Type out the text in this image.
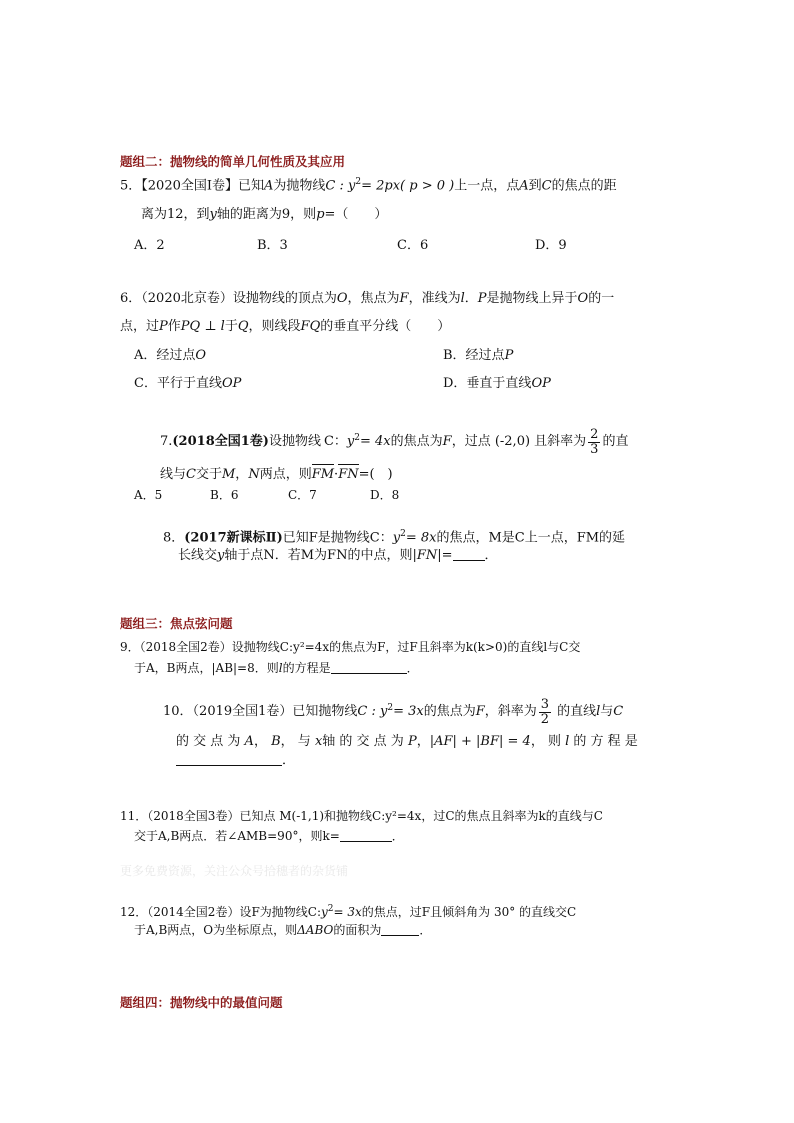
题组二：抛物线的简单几何性质及其应用
5．【2020全国Ⅰ卷】已知A为抛物线C : $y^2= 2px$( p > 0 )上一点，点A到C的焦点的距
离为12，到y轴的距离为9，则p=（　　）
A．2	B．3	C．6	D．9
6．（2020北京卷）设抛物线的顶点为O，焦点为F，准线为l．P是抛物线上异于O的一
点，过P作PQ ⊥ l于Q，则线段FQ的垂直平分线（　　）
A．经过点O	B．经过点P
C．平行于直线OP	D．垂直于直线OP
7. (2018全国1卷) 设抛物线 C： $y^2 = 4x$ 的焦点为 F ，过点 (-2,0) 且斜率为 $\frac{2}{3}$ 的直
线与C交于M，N两点，则FM·FN=(　)
A．5	B．6	C．7	D．8
8．(2017新课标Ⅱ)已知F是抛物线C：$y^2= 8x$的焦点，M是C上一点，FM的延
长线交y轴于点N．若M为FN的中点，则|FN|= ．
题组三：焦点弦问题
9．（2018全国2卷）设抛物线C:y²=4x的焦点为F，过F且斜率为k(k>0)的直线l与C交
于A，B两点，|AB|=8．则l的方程是	．
10．（2019全国1卷）已知抛物线 C : $y^2 = 3x$ 的焦点为 F ，斜率为 $\frac{3}{2}$ 的直线 l 与 C
的 交 点 为 A， B， 与 x轴 的 交 点 为 P，|AF| + |BF| = 4， 则 l 的 方 程 是
．
11．（2018全国3卷）已知点 M(-1,1)和抛物线C:y²=4x，过C的焦点且斜率为k的直线与C
交于A,B两点．若∠AMB=90°，则k=	．
更多免费资源，关注公众号拾穗者的杂货铺
12．（2014全国2卷）设F为抛物线$C:y^2= 3x$的焦点，过F且倾斜角为 30° 的直线交C
于A,B两点，O为坐标原点，则ΔABO的面积为	．
题组四：抛物线中的最值问题
